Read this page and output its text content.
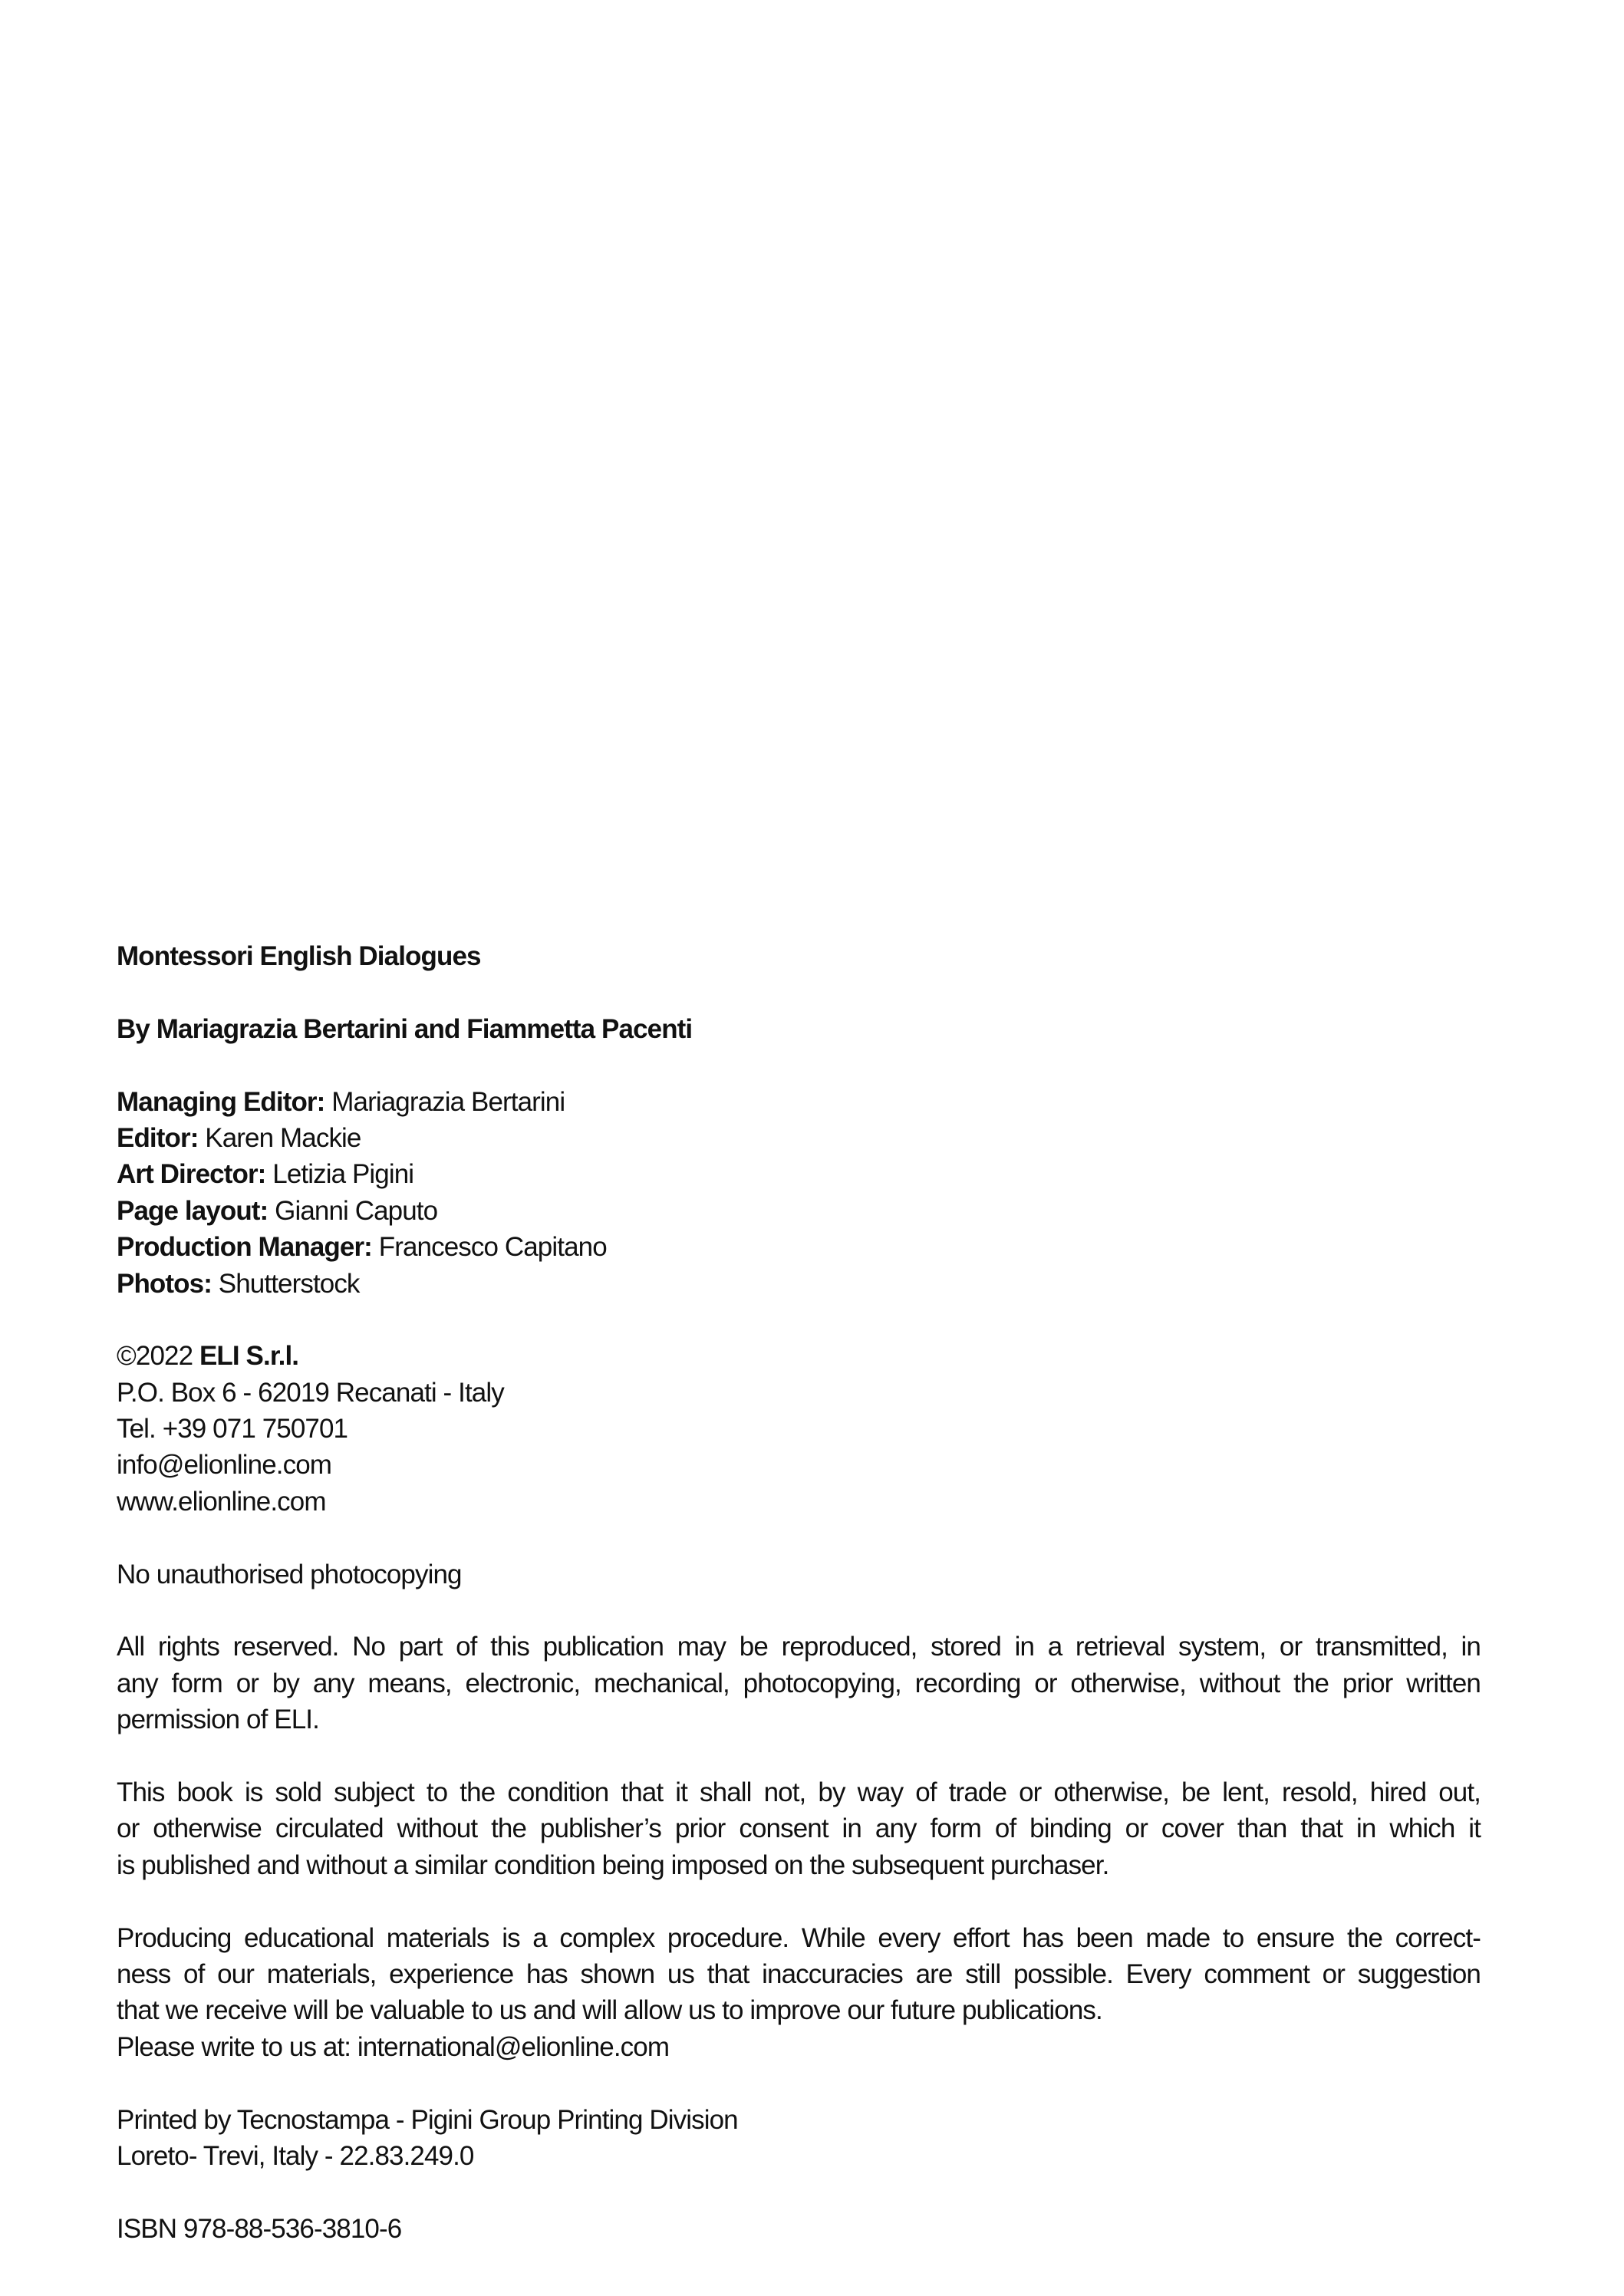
Montessori English Dialogues
By Mariagrazia Bertarini and Fiammetta Pacenti
Managing Editor: Mariagrazia Bertarini
Editor: Karen Mackie
Art Director: Letizia Pigini
Page layout: Gianni Caputo
Production Manager: Francesco Capitano
Photos: Shutterstock
©2022 ELI S.r.l.
P.O. Box 6 - 62019 Recanati - Italy
Tel. +39 071 750701
info@elionline.com
www.elionline.com
No unauthorised photocopying
All rights reserved. No part of this publication may be reproduced, stored in a retrieval system, or transmitted, in
any form or by any means, electronic, mechanical, photocopying, recording or otherwise, without the prior written
permission of ELI.
This book is sold subject to the condition that it shall not, by way of trade or otherwise, be lent, resold, hired out,
or otherwise circulated without the publisher’s prior consent in any form of binding or cover than that in which it
is published and without a similar condition being imposed on the subsequent purchaser.
Producing educational materials is a complex procedure. While every effort has been made to ensure the correct-
ness of our materials, experience has shown us that inaccuracies are still possible. Every comment or suggestion
that we receive will be valuable to us and will allow us to improve our future publications.
Please write to us at: international@elionline.com
Printed by Tecnostampa - Pigini Group Printing Division
Loreto- Trevi, Italy - 22.83.249.0
ISBN 978-88-536-3810-6
